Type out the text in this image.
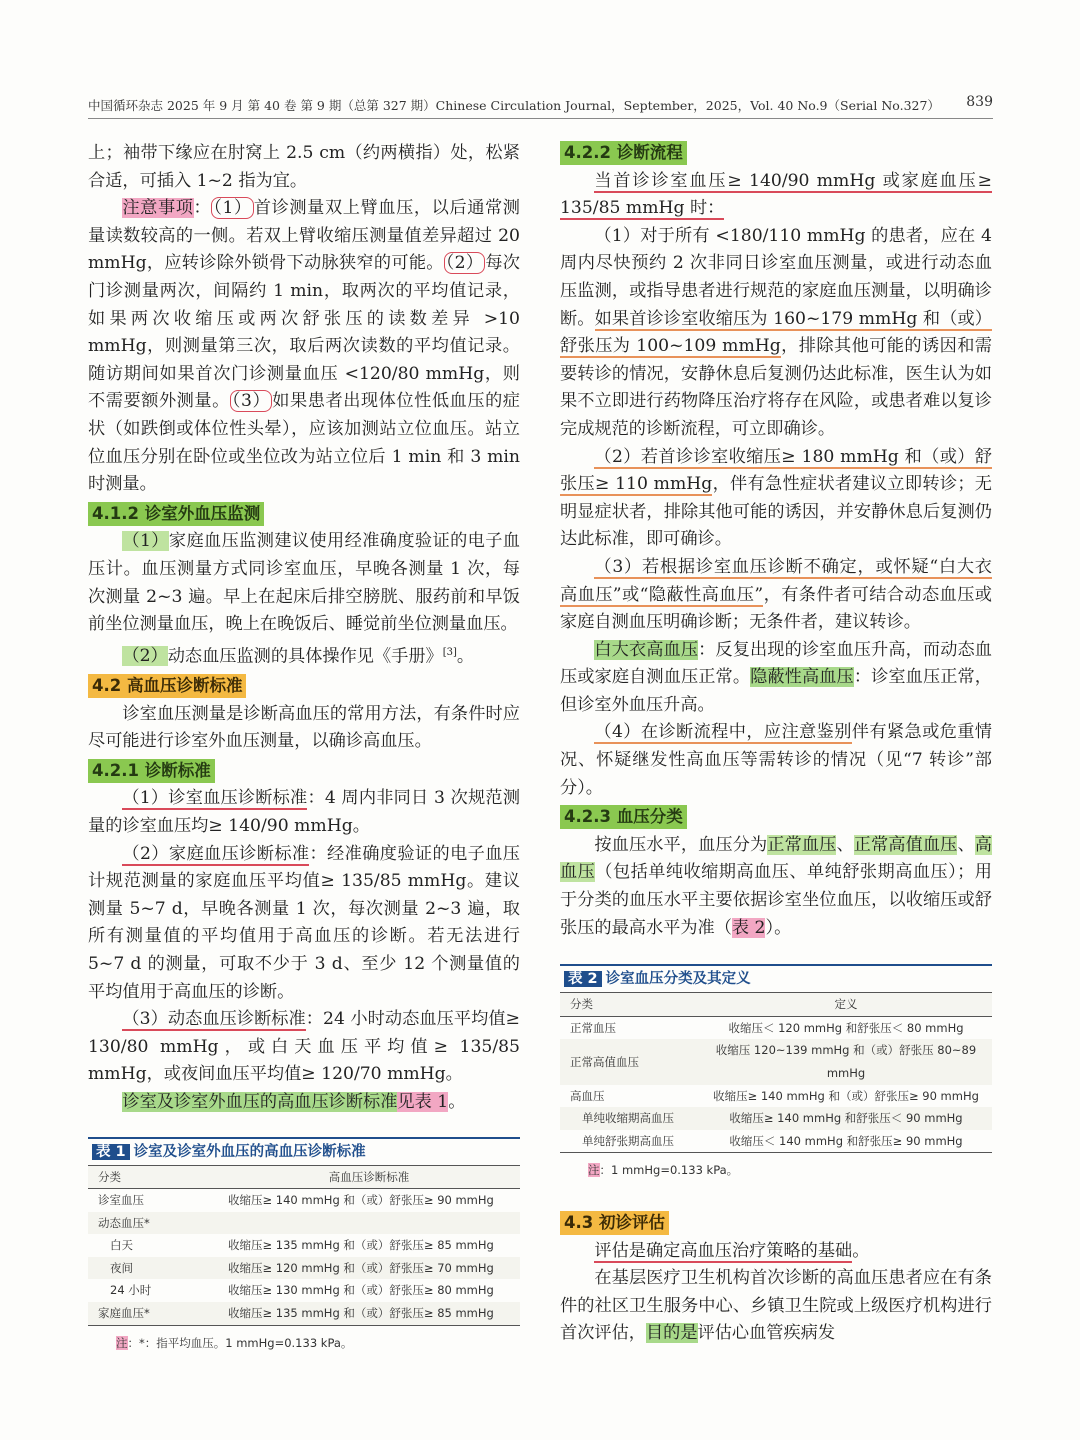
中国循环杂志 2025 年 9 月 第 40 卷 第 9 期（总第 327 期）Chinese Circulation Journal，September，2025，Vol. 40 No.9（Serial No.327） 839

上；袖带下缘应在肘窝上 2.5 cm（约两横指）处，松紧合适，可插入 1~2 指为宜。

注意事项： （1） 首诊测量双上臂血压，以后通常测量读数较高的一侧。若双上臂收缩压测量值差异超过 20 mmHg，应转诊除外锁骨下动脉狭窄的可能。 （2） 每次门诊测量两次，间隔约 1 min，取两次的平均值记录，如果两次收缩压或两次舒张压的读数差异 >10 mmHg，则测量第三次，取后两次读数的平均值记录。随访期间如果首次门诊测量血压 <120/80 mmHg，则不需要额外测量。 （3） 如果患者出现体位性低血压的症状（如跌倒或体位性头晕），应该加测站立位血压。站立位血压分别在卧位或坐位改为站立位后 1 min 和 3 min 时测量。

4.1.2 诊室外血压监测

（1）家庭血压监测建议使用经准确度验证的电子血压计。血压测量方式同诊室血压，早晚各测量 1 次，每次测量 2~3 遍。早上在起床后排空膀胱、服药前和早饭前坐位测量血压，晚上在晚饭后、睡觉前坐位测量血压。

（2）动态血压监测的具体操作见《手册》[3]。

4.2 高血压诊断标准

诊室血压测量是诊断高血压的常用方法，有条件时应尽可能进行诊室外血压测量，以确诊高血压。

4.2.1 诊断标准

（1）诊室血压诊断标准：4 周内非同日 3 次规范测量的诊室血压均≥ 140/90 mmHg。

（2）家庭血压诊断标准：经准确度验证的电子血压计规范测量的家庭血压平均值≥ 135/85 mmHg。建议测量 5~7 d，早晚各测量 1 次，每次测量 2~3 遍，取所有测量值的平均值用于高血压的诊断。若无法进行 5~7 d 的测量，可取不少于 3 d、至少 12 个测量值的平均值用于高血压的诊断。

（3）动态血压诊断标准：24 小时动态血压平均值≥ 130/80 mmHg，或白天血压平均值≥ 135/85 mmHg，或夜间血压平均值≥ 120/70 mmHg。

诊室及诊室外血压的高血压诊断标准见表 1。

表 1 诊室及诊室外血压的高血压诊断标准
分类	高血压诊断标准
诊室血压	收缩压≥ 140 mmHg 和（或）舒张压≥ 90 mmHg
动态血压*	
白天	收缩压≥ 135 mmHg 和（或）舒张压≥ 85 mmHg
夜间	收缩压≥ 120 mmHg 和（或）舒张压≥ 70 mmHg
24 小时	收缩压≥ 130 mmHg 和（或）舒张压≥ 80 mmHg
家庭血压*	收缩压≥ 135 mmHg 和（或）舒张压≥ 85 mmHg
注：*：指平均血压。1 mmHg=0.133 kPa。
4.2.2 诊断流程

当首诊诊室血压≥ 140/90 mmHg 或家庭血压≥ 135/85 mmHg 时：

（1）对于所有 <180/110 mmHg 的患者，应在 4 周内尽快预约 2 次非同日诊室血压测量，或进行动态血压监测，或指导患者进行规范的家庭血压测量，以明确诊断。如果首诊诊室收缩压为 160~179 mmHg 和（或）舒张压为 100~109 mmHg，排除其他可能的诱因和需要转诊的情况，安静休息后复测仍达此标准，医生认为如果不立即进行药物降压治疗将存在风险，或患者难以复诊完成规范的诊断流程，可立即确诊。

（2）若首诊诊室收缩压≥ 180 mmHg 和（或）舒张压≥ 110 mmHg，伴有急性症状者建议立即转诊；无明显症状者，排除其他可能的诱因，并安静休息后复测仍达此标准，即可确诊。

（3）若根据诊室血压诊断不确定，或怀疑“白大衣高血压”或“隐蔽性高血压”，有条件者可结合动态血压或家庭自测血压明确诊断；无条件者，建议转诊。

白大衣高血压：反复出现的诊室血压升高，而动态血压或家庭自测血压正常。隐蔽性高血压：诊室血压正常，但诊室外血压升高。

（4）在诊断流程中，应注意鉴别伴有紧急或危重情况、怀疑继发性高血压等需转诊的情况（见“7 转诊”部分）。

4.2.3 血压分类

按血压水平，血压分为正常血压、正常高值血压、高血压（包括单纯收缩期高血压、单纯舒张期高血压）；用于分类的血压水平主要依据诊室坐位血压，以收缩压或舒张压的最高水平为准（表 2）。

表 2 诊室血压分类及其定义
分类	定义
正常血压	收缩压＜ 120 mmHg 和舒张压＜ 80 mmHg
正常高值血压	收缩压 120~139 mmHg 和（或）舒张压 80~89 mmHg
高血压	收缩压≥ 140 mmHg 和（或）舒张压≥ 90 mmHg
单纯收缩期高血压	收缩压≥ 140 mmHg 和舒张压＜ 90 mmHg
单纯舒张期高血压	收缩压＜ 140 mmHg 和舒张压≥ 90 mmHg
注：1 mmHg=0.133 kPa。
4.3 初诊评估

评估是确定高血压治疗策略的基础。

在基层医疗卫生机构首次诊断的高血压患者应在有条件的社区卫生服务中心、乡镇卫生院或上级医疗机构进行首次评估，目的是评估心血管疾病发
